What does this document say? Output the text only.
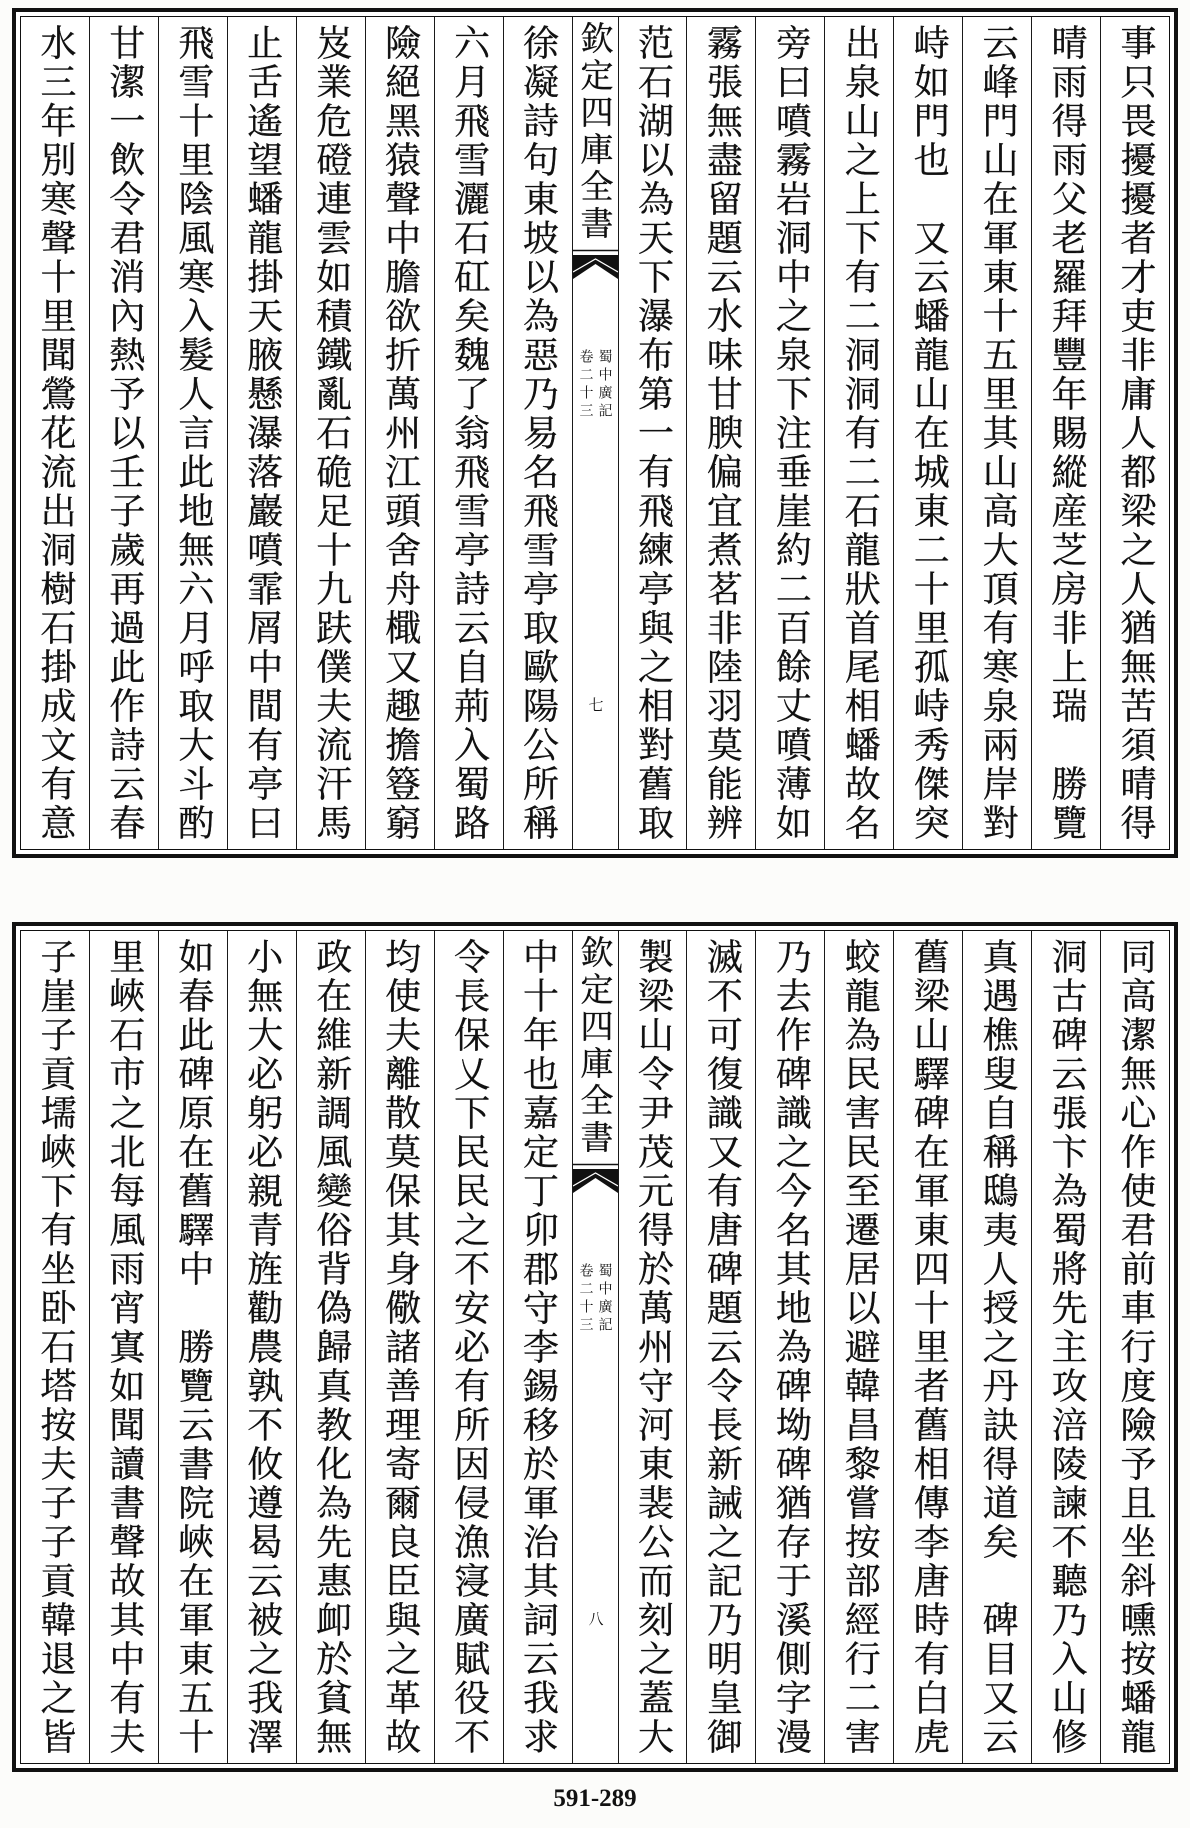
事只畏擾擾者才吏非庸人都梁之人猶無苦須晴得
晴雨得雨父老羅拜豐年賜縱産芝房非上瑞　勝覽
云峰門山在軍東十五里其山高大頂有寒泉兩岸對
峙如門也　又云蟠龍山在城東二十里孤峙秀傑突
出泉山之上下有二洞洞有二石龍狀首尾相蟠故名
旁曰噴霧岩洞中之泉下注垂崖約二百餘丈噴薄如
霧張無盡留題云水味甘腴偏宜煮茗非陸羽莫能辨
范石湖以為天下瀑布第一有飛練亭與之相對舊取
欽定四庫全書
蜀中廣記
卷二十三
七
徐凝詩句東坡以為惡乃易名飛雪亭取歐陽公所稱
六月飛雪灑石矼矣魏了翁飛雪亭詩云自荊入蜀路
險絕黑猿聲中膽欲折萬州江頭舍舟檝又趣擔簦窮
岌業危磴連雲如積鐵亂石硊足十九趺僕夫流汗馬
止舌遙望蟠龍掛天腋懸瀑落巖噴霏屑中間有亭曰
飛雪十里陰風寒入髮人言此地無六月呼取大斗酌
甘潔一飲令君消內熱予以壬子歲再過此作詩云春
水三年別寒聲十里聞鶯花流出洞樹石掛成文有意
同高潔無心作使君前車行度險予且坐斜曛按蟠龍
洞古碑云張卞為蜀將先主攻涪陵諫不聽乃入山修
真遇樵叟自稱鴟夷人授之丹訣得道矣　碑目又云
舊梁山驛碑在軍東四十里者舊相傳李唐時有白虎
蛟龍為民害民至遷居以避韓昌黎嘗按部經行二害
乃去作碑識之今名其地為碑坳碑猶存于溪側字漫
滅不可復識又有唐碑題云令長新誡之記乃明皇御
製梁山令尹茂元得於萬州守河東裴公而刻之蓋大
欽定四庫全書
蜀中廣記
卷二十三
八
中十年也嘉定丁卯郡守李錫移於軍治其詞云我求
令長保乂下民民之不安必有所因侵漁寖廣賦役不
均使夫離散莫保其身儆諸善理寄爾良臣與之革故
政在維新調風變俗背偽歸真教化為先惠卹於貧無
小無大必躬必親青旌勸農孰不攸遵曷云被之我澤
如春此碑原在舊驛中　勝覽云書院峽在軍東五十
里峽石市之北每風雨宵寘如聞讀書聲故其中有夫
子崖子貢壖峽下有坐卧石塔按夫子子貢韓退之皆
591-289
